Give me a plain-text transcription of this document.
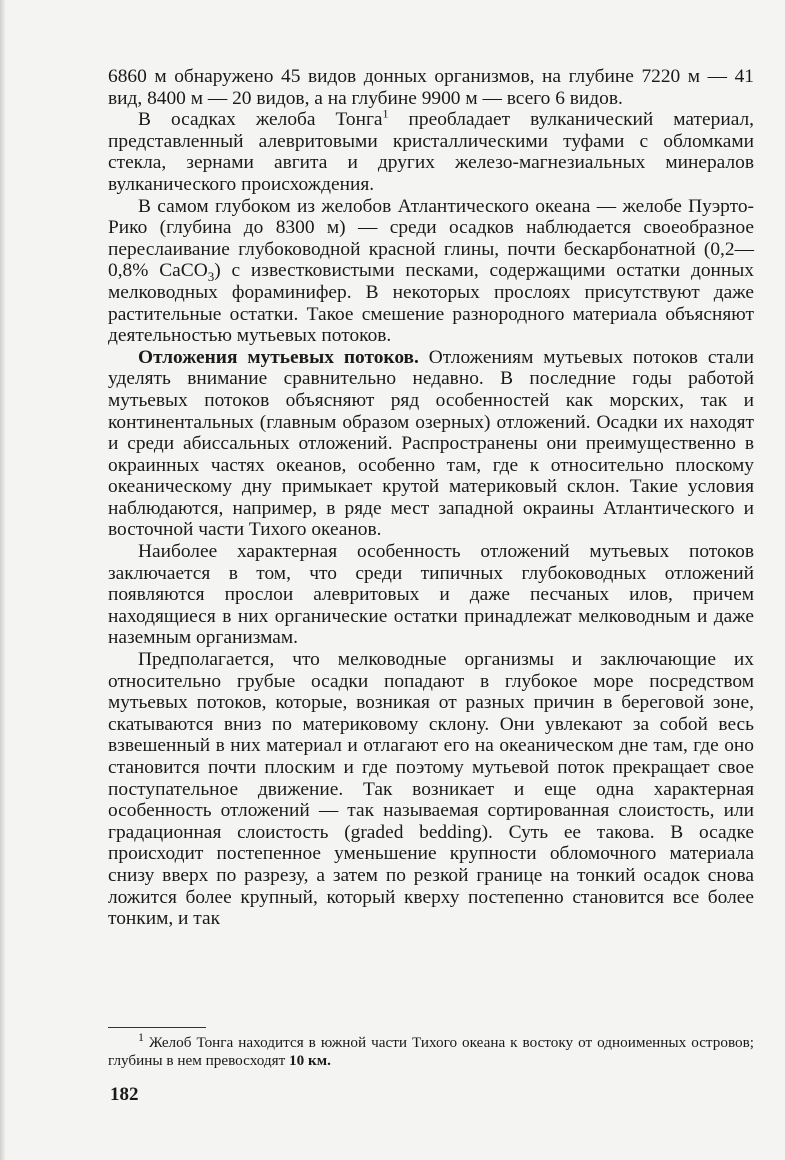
6860 м обнаружено 45 видов донных организмов, на глубине 7220 м — 41 вид, 8400 м — 20 видов, а на глубине 9900 м — всего 6 видов.

В осадках желоба Тонга$^1$ преобладает вулканический материал, представленный алевритовыми кристаллическими туфами с обломками стекла, зернами авгита и других железо-магнезиальных минералов вулканического происхождения.

В самом глубоком из желобов Атлантического океана — желобе Пуэрто-Рико (глубина до 8300 м) — среди осадков наблюдается своеобразное переслаивание глубоководной красной глины, почти бескарбонатной (0,2—0,8% CaCO$_3$) с известковистыми песками, содержащими остатки донных мелководных фораминифер. В некоторых прослоях присутствуют даже растительные остатки. Такое смешение разнородного материала объясняют деятельностью мутьевых потоков.

Отложения мутьевых потоков. Отложениям мутьевых потоков стали уделять внимание сравнительно недавно. В последние годы работой мутьевых потоков объясняют ряд особенностей как морских, так и континентальных (главным образом озерных) отложений. Осадки их находят и среди абиссальных отложений. Распространены они преимущественно в окраинных частях океанов, особенно там, где к относительно плоскому океаническому дну примыкает крутой материковый склон. Такие условия наблюдаются, например, в ряде мест западной окраины Атлантического и восточной части Тихого океанов.

Наиболее характерная особенность отложений мутьевых потоков заключается в том, что среди типичных глубоководных отложений появляются прослои алевритовых и даже песчаных илов, причем находящиеся в них органические остатки принадлежат мелководным и даже наземным организмам.

Предполагается, что мелководные организмы и заключающие их относительно грубые осадки попадают в глубокое море посредством мутьевых потоков, которые, возникая от разных причин в береговой зоне, скатываются вниз по материковому склону. Они увлекают за собой весь взвешенный в них материал и отлагают его на океаническом дне там, где оно становится почти плоским и где поэтому мутьевой поток прекращает свое поступательное движение. Так возникает и еще одна характерная особенность отложений — так называемая сортированная слоистость, или градационная слоистость (graded bedding). Суть ее такова. В осадке происходит постепенное уменьшение крупности обломочного материала снизу вверх по разрезу, а затем по резкой границе на тонкий осадок снова ложится более крупный, который кверху постепенно становится все более тонким, и так

$^1$ Желоб Тонга находится в южной части Тихого океана к востоку от одноименных островов; глубины в нем превосходят 10 км.

182
